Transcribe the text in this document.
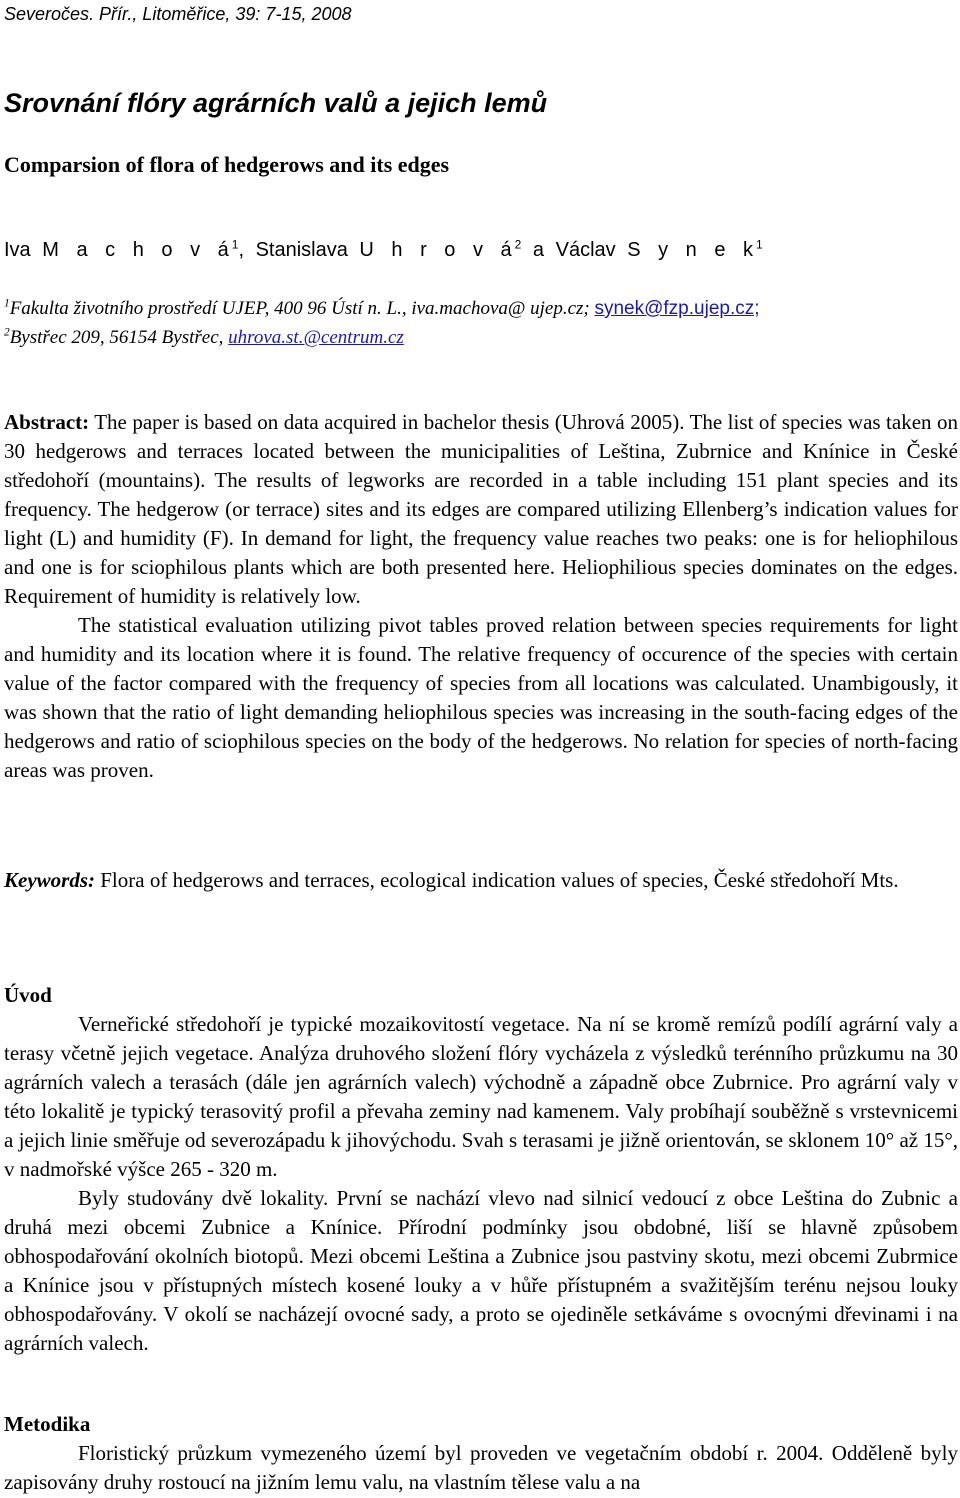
Severočes. Přír., Litoměřice, 39: 7-15, 2008
Srovnání flóry agrárních valů a jejich lemů
Comparsion of flora of hedgerows and its edges
Iva M a c h o v $á^1$, Stanislava U h r o v $á^2$ a Václav S y n e $k^1$
$^1$Fakulta životního prostředí UJEP, 400 96 Ústí n. L., iva.machova@ ujep.cz; synek@fzp.ujep.cz;
$^2$Bystřec 209, 56154 Bystřec, uhrova.st.@centrum.cz

Abstract: The paper is based on data acquired in bachelor thesis (Uhrová 2005). The list of species was taken on 30 hedgerows and terraces located between the municipalities of Leština, Zubrnice and Knínice in České středohoří (mountains). The results of legworks are recorded in a table including 151 plant species and its frequency. The hedgerow (or terrace) sites and its edges are compared utilizing Ellenberg’s indication values for light (L) and humidity (F). In demand for light, the frequency value reaches two peaks: one is for heliophilous and one is for sciophilous plants which are both presented here. Heliophilious species dominates on the edges. Requirement of humidity is relatively low.

The statistical evaluation utilizing pivot tables proved relation between species requirements for light and humidity and its location where it is found. The relative frequency of occurence of the species with certain value of the factor compared with the frequency of species from all locations was calculated. Unambigously, it was shown that the ratio of light demanding heliophilous species was increasing in the south-facing edges of the hedgerows and ratio of sciophilous species on the body of the hedgerows. No relation for species of north-facing areas was proven.

Keywords: Flora of hedgerows and terraces, ecological indication values of species, České středohoří Mts.

Úvod

Verneřické středohoří je typické mozaikovitostí vegetace. Na ní se kromě remízů podílí agrární valy a terasy včetně jejich vegetace. Analýza druhového složení flóry vycházela z výsledků terénního průzkumu na 30 agrárních valech a terasách (dále jen agrárních valech) východně a západně obce Zubrnice. Pro agrární valy v této lokalitě je typický terasovitý profil a převaha zeminy nad kamenem. Valy probíhají souběžně s vrstevnicemi a jejich linie směřuje od severozápadu k jihovýchodu. Svah s terasami je jižně orientován, se sklonem 10° až 15°, v nadmořské výšce 265 - 320 m.

Byly studovány dvě lokality. První se nachází vlevo nad silnicí vedoucí z obce Leština do Zubnic a druhá mezi obcemi Zubnice a Knínice. Přírodní podmínky jsou obdobné, liší se hlavně způsobem obhospodařování okolních biotopů. Mezi obcemi Leština a Zubnice jsou pastviny skotu, mezi obcemi Zubrmice a Knínice jsou v přístupných místech kosené louky a v hůře přístupném a svažitějším terénu nejsou louky obhospodařovány. V okolí se nacházejí ovocné sady, a proto se ojediněle setkáváme s ovocnými dřevinami i na agrárních valech.

Metodika

Floristický průzkum vymezeného území byl proveden ve vegetačním období r. 2004. Odděleně byly zapisovány druhy rostoucí na jižním lemu valu, na vlastním tělese valu a na
